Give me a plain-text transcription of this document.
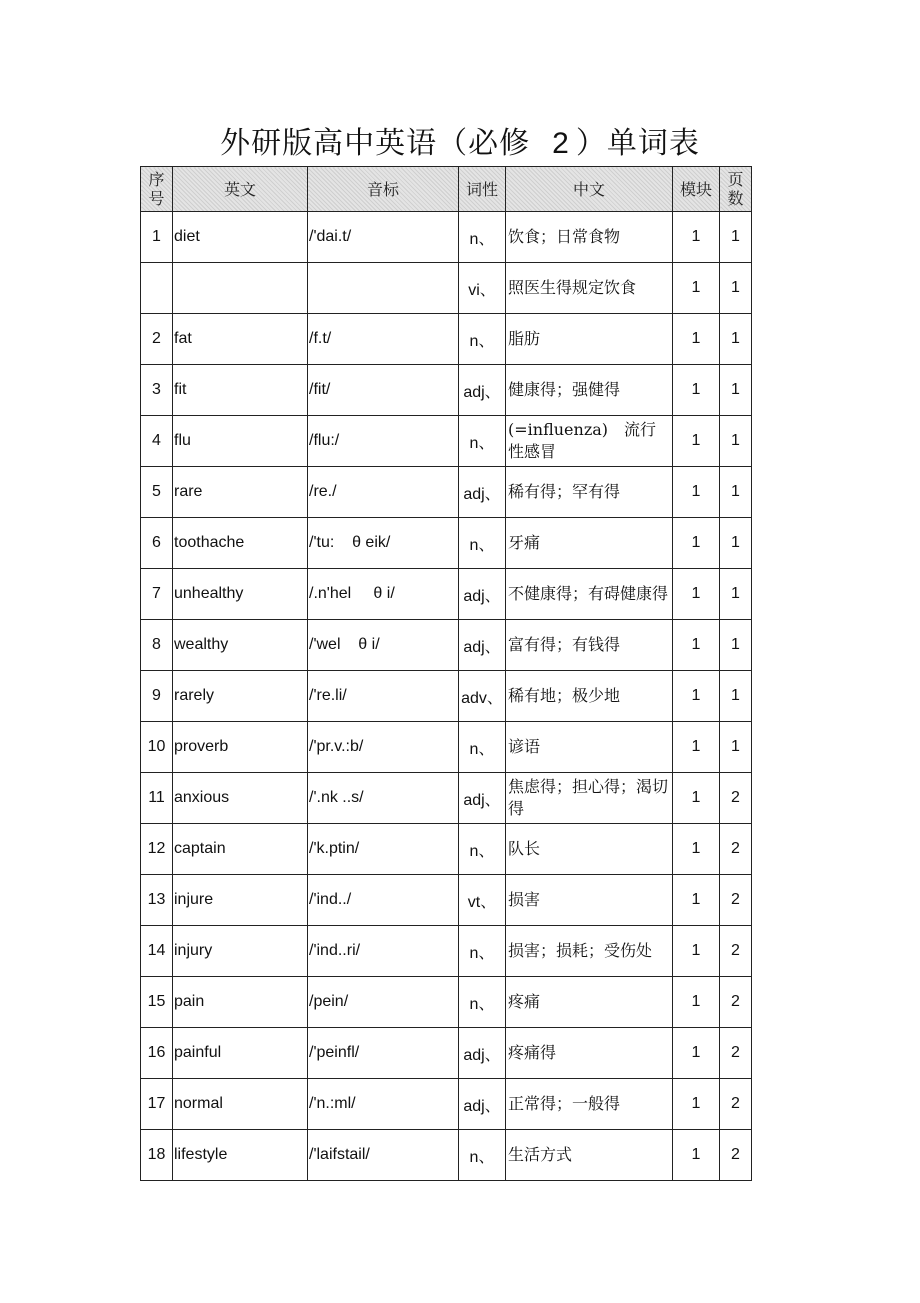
外研版高中英语（必修 2 ）单词表
序号	英文	音标	词性	中文	模块	页数
1	diet	/'dai.t/	n、	饮食；日常食物	1	1
			vi、	照医生得规定饮食	1	1
2	fat	/f.t/	n、	脂肪	1	1
3	fit	/fit/	adj、	健康得；强健得	1	1
4	flu	/flu:/	n、	(=influenza)　流行性感冒	1	1
5	rare	/re./	adj、	稀有得；罕有得	1	1
6	toothache	/'tu:    θ eik/	n、	牙痛	1	1
7	unhealthy	/.n'hel     θ i/	adj、	不健康得；有碍健康得	1	1
8	wealthy	/'wel    θ i/	adj、	富有得；有钱得	1	1
9	rarely	/'re.li/	adv、	稀有地；极少地	1	1
10	proverb	/'pr.v.:b/	n、	谚语	1	1
11	anxious	/'.nk ..s/	adj、	焦虑得；担心得；渴切得	1	2
12	captain	/'k.ptin/	n、	队长	1	2
13	injure	/'ind../	vt、	损害	1	2
14	injury	/'ind..ri/	n、	损害；损耗；受伤处	1	2
15	pain	/pein/	n、	疼痛	1	2
16	painful	/'peinfl/	adj、	疼痛得	1	2
17	normal	/'n.:ml/	adj、	正常得；一般得	1	2
18	lifestyle	/'laifstail/	n、	生活方式	1	2
